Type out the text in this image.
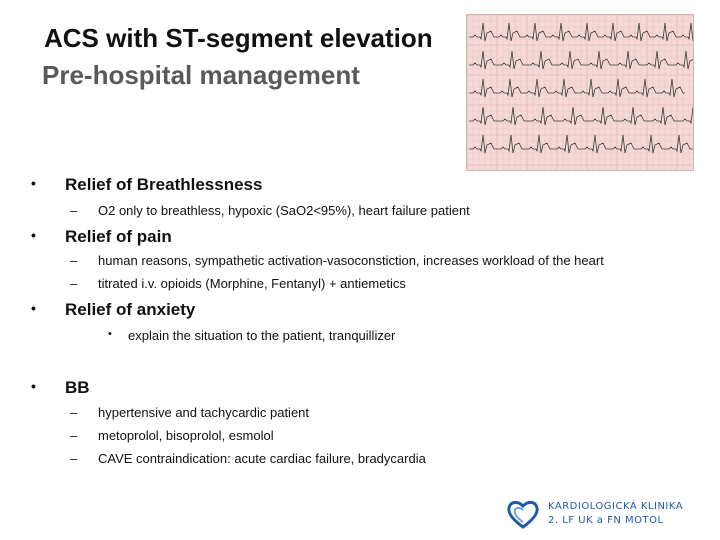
ACS with ST-segment elevation
Pre-hospital management
• Relief of Breathlessness
– O2 only to breathless, hypoxic (SaO2<95%), heart failure patient
• Relief of pain
– human reasons, sympathetic activation-vasoconstiction, increases workload of the heart
– titrated i.v. opioids (Morphine, Fentanyl) + antiemetics
• Relief of anxiety
• explain the situation to the patient, tranquillizer
• BB
– hypertensive and tachycardic patient
– metoprolol, bisoprolol, esmolol
– CAVE contraindication: acute cardiac failure, bradycardia
KARDIOLOGICKÁ KLINIKA
2. LF UK a FN MOTOL
